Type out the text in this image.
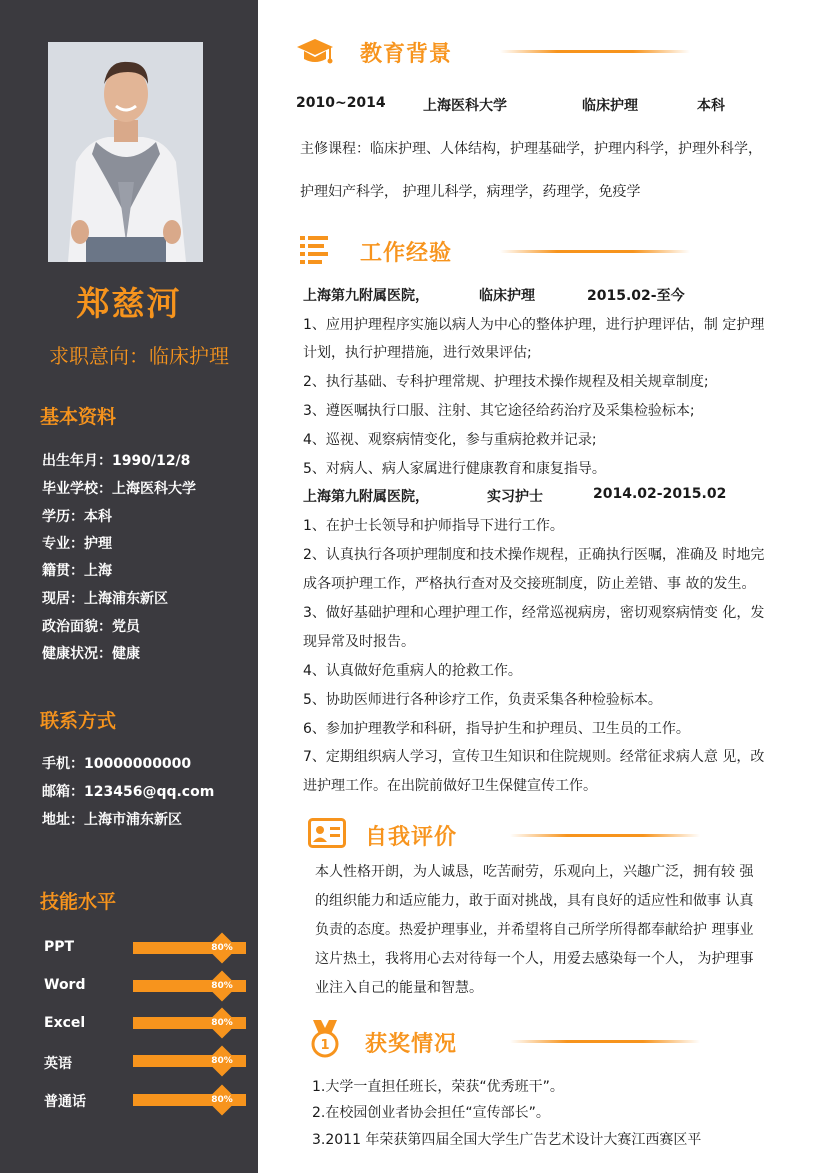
郑慈河
求职意向：临床护理
基本资料
出生年月：1990/12/8
毕业学校：上海医科大学
学历：本科
专业：护理
籍贯：上海
现居：上海浦东新区
政治面貌：党员
健康状况：健康
联系方式
手机：10000000000
邮箱：123456@qq.com
地址：上海市浦东新区
技能水平
PPT	80%
Word	80%
Excel	80%
英语	80%
普通话	80%
教育背景
2010~2014	上海医科大学	临床护理	本科
主修课程：临床护理、人体结构，护理基础学，护理内科学，护理外科学，
护理妇产科学， 护理儿科学，病理学，药理学，免疫学
工作经验
上海第九附属医院，	临床护理	2015.02-至今
1、应用护理程序实施以病人为中心的整体护理，进行护理评估，制 定护理
计划，执行护理措施，进行效果评估;
2、执行基础、专科护理常规、护理技术操作规程及相关规章制度;
3、遵医嘱执行口服、注射、其它途径给药治疗及采集检验标本;
4、巡视、观察病情变化，参与重病抢救并记录;
5、对病人、病人家属进行健康教育和康复指导。
上海第九附属医院，	实习护士	2014.02-2015.02
1、在护士长领导和护师指导下进行工作。
2、认真执行各项护理制度和技术操作规程，正确执行医嘱，准确及 时地完
成各项护理工作，严格执行查对及交接班制度，防止差错、事 故的发生。
3、做好基础护理和心理护理工作，经常巡视病房，密切观察病情变 化，发
现异常及时报告。
4、认真做好危重病人的抢救工作。
5、协助医师进行各种诊疗工作，负责采集各种检验标本。
6、参加护理教学和科研，指导护生和护理员、卫生员的工作。
7、定期组织病人学习，宣传卫生知识和住院规则。经常征求病人意 见，改
进护理工作。在出院前做好卫生保健宣传工作。
自我评价
本人性格开朗，为人诚恳，吃苦耐劳，乐观向上，兴趣广泛，拥有较 强
的组织能力和适应能力，敢于面对挑战，具有良好的适应性和做事 认真
负责的态度。热爱护理事业，并希望将自己所学所得都奉献给护 理事业
这片热土，我将用心去对待每一个人，用爱去感染每一个人， 为护理事
业注入自己的能量和智慧。
1 获奖情况
1.大学一直担任班长，荣获“优秀班干”。
2.在校园创业者协会担任“宣传部长”。
3.2011 年荣获第四届全国大学生广告艺术设计大赛江西赛区平
